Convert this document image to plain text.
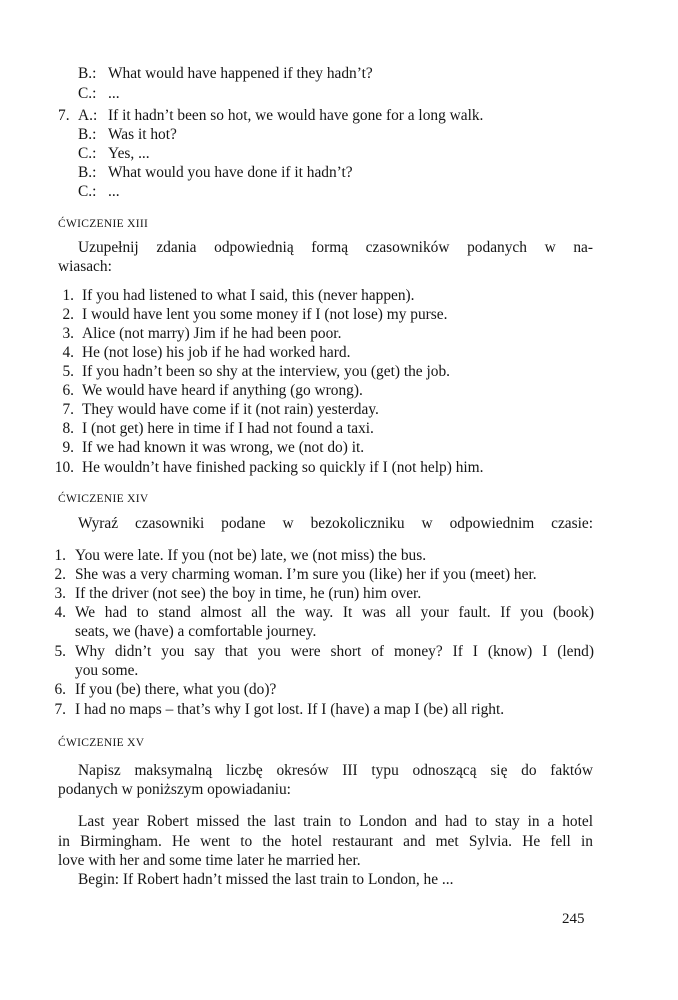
B.: What would have happened if they hadn’t?
C.: ...
7. A.: If it hadn’t been so hot, we would have gone for a long walk.
B.: Was it hot?
C.: Yes, ...
B.: What would you have done if it hadn’t?
C.: ...
ĆWICZENIE XIII
Uzupełnij zdania odpowiednią formą czasowników podanych w na-
wiasach:
1. If you had listened to what I said, this (never happen).
2. I would have lent you some money if I (not lose) my purse.
3. Alice (not marry) Jim if he had been poor.
4. He (not lose) his job if he had worked hard.
5. If you hadn’t been so shy at the interview, you (get) the job.
6. We would have heard if anything (go wrong).
7. They would have come if it (not rain) yesterday.
8. I (not get) here in time if I had not found a taxi.
9. If we had known it was wrong, we (not do) it.
10. He wouldn’t have finished packing so quickly if I (not help) him.
ĆWICZENIE XIV
Wyraź czasowniki podane w bezokoliczniku w odpowiednim czasie:
1. You were late. If you (not be) late, we (not miss) the bus.
2. She was a very charming woman. I’m sure you (like) her if you (meet) her.
3. If the driver (not see) the boy in time, he (run) him over.
4. We had to stand almost all the way. It was all your fault. If you (book)
seats, we (have) a comfortable journey.
5. Why didn’t you say that you were short of money? If I (know) I (lend)
you some.
6. If you (be) there, what you (do)?
7. I had no maps – that’s why I got lost. If I (have) a map I (be) all right.
ĆWICZENIE XV
Napisz maksymalną liczbę okresów III typu odnoszącą się do faktów
podanych w poniższym opowiadaniu:
Last year Robert missed the last train to London and had to stay in a hotel
in Birmingham. He went to the hotel restaurant and met Sylvia. He fell in
love with her and some time later he married her.
Begin: If Robert hadn’t missed the last train to London, he ...
245
